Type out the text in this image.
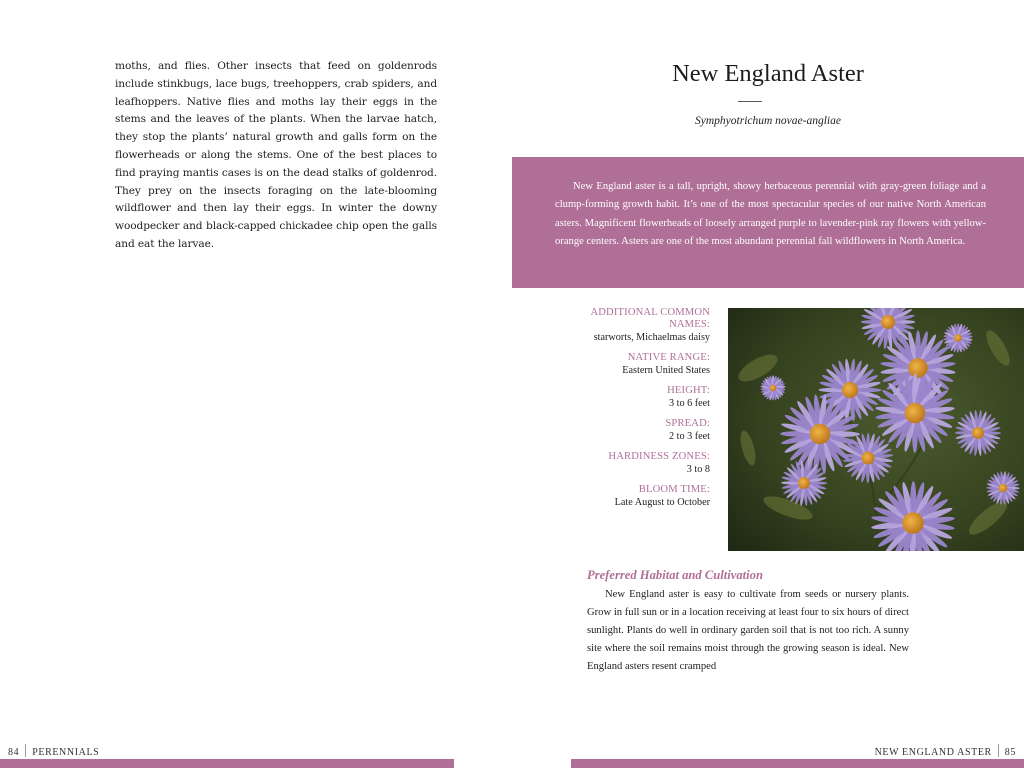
moths, and flies. Other insects that feed on goldenrods include stinkbugs, lace bugs, treehoppers, crab spiders, and leafhoppers. Native flies and moths lay their eggs in the stems and the leaves of the plants. When the larvae hatch, they stop the plants’ natural growth and galls form on the flowerheads or along the stems. One of the best places to find praying mantis cases is on the dead stalks of goldenrod. They prey on the insects foraging on the late-blooming wildflower and then lay their eggs. In winter the downy woodpecker and black-capped chickadee chip open the galls and eat the larvae.

84 PERENNIALS
New England Aster

Symphyotrichum novae-angliae

New England aster is a tall, upright, showy herbaceous perennial with gray-green foliage and a clump-forming growth habit. It’s one of the most spectacular species of our native North American asters. Magnificent flowerheads of loosely arranged purple to lavender-pink ray flowers with yellow-orange centers. Asters are one of the most abundant perennial fall wildflowers in North America.

ADDITIONAL COMMON NAMES:
starworts, Michaelmas daisy
NATIVE RANGE:
Eastern United States
HEIGHT:
3 to 6 feet
SPREAD:
2 to 3 feet
HARDINESS ZONES:
3 to 8
BLOOM TIME:
Late August to October
Preferred Habitat and Cultivation

New England aster is easy to cultivate from seeds or nursery plants. Grow in full sun or in a location receiving at least four to six hours of direct sunlight. Plants do well in ordinary garden soil that is not too rich. A sunny site where the soil remains moist through the growing season is ideal. New England asters resent cramped

NEW ENGLAND ASTER 85
